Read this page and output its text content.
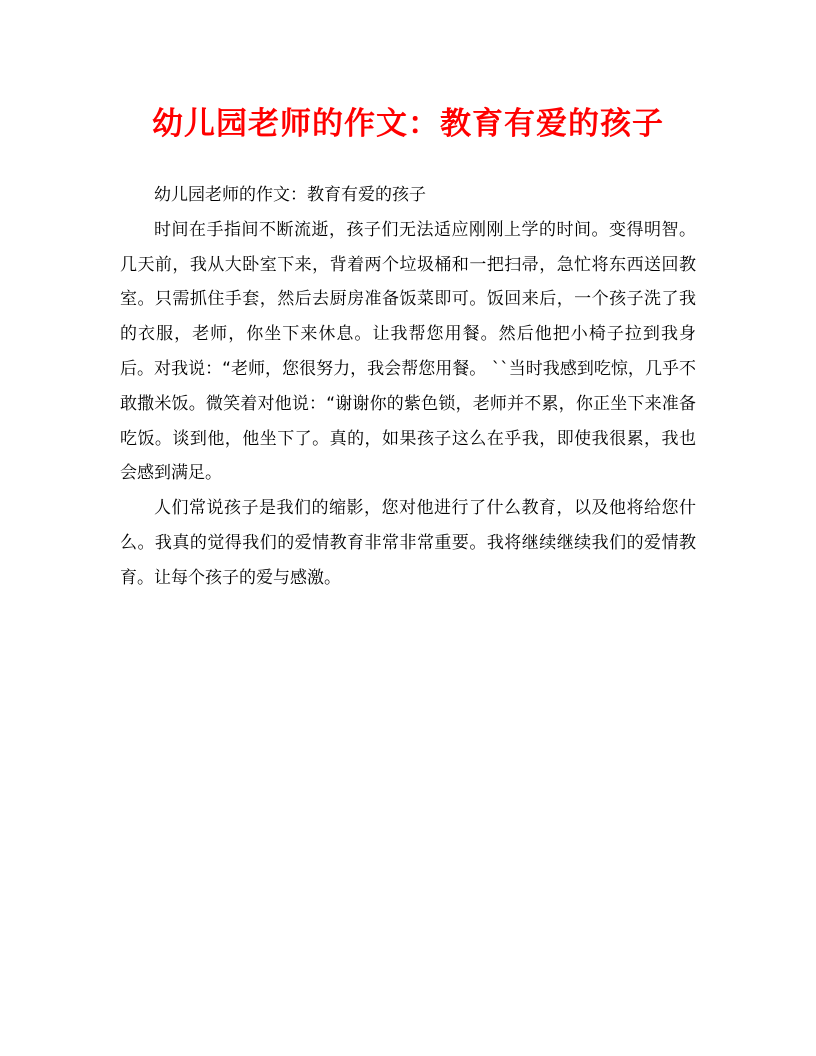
幼儿园老师的作文：教育有爱的孩子

幼儿园老师的作文：教育有爱的孩子

时间在手指间不断流逝，孩子们无法适应刚刚上学的时间。变得明智。几天前，我从大卧室下来，背着两个垃圾桶和一把扫帚，急忙将东西送回教室。只需抓住手套，然后去厨房准备饭菜即可。饭回来后，一个孩子洗了我的衣服，老师，你坐下来休息。让我帮您用餐。然后他把小椅子拉到我身后。对我说：“老师，您很努力，我会帮您用餐。 ``当时我感到吃惊，几乎不敢撒米饭。微笑着对他说：“谢谢你的紫色锁，老师并不累，你正坐下来准备吃饭。谈到他，他坐下了。真的，如果孩子这么在乎我，即使我很累，我也会感到满足。

人们常说孩子是我们的缩影，您对他进行了什么教育，以及他将给您什么。我真的觉得我们的爱情教育非常非常重要。我将继续继续我们的爱情教育。让每个孩子的爱与感激。
